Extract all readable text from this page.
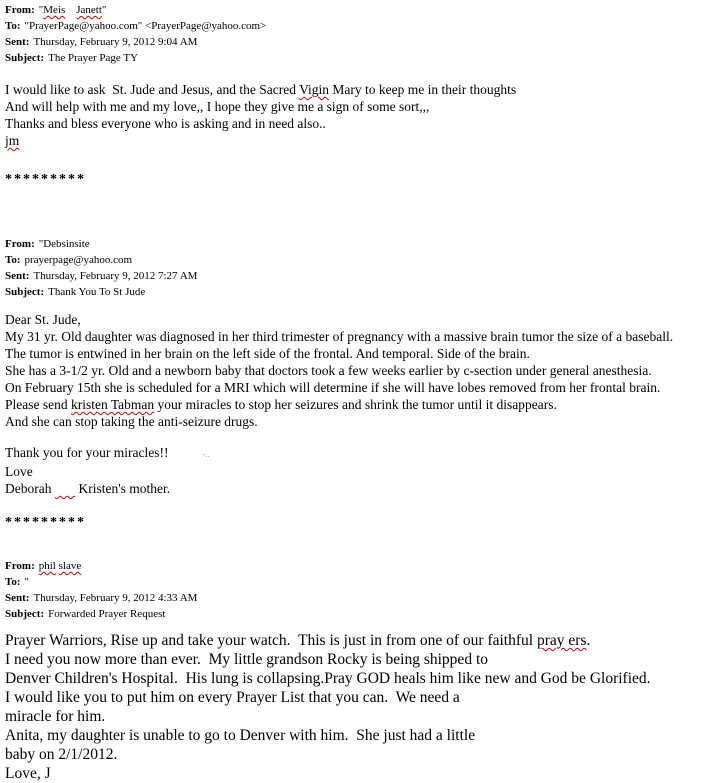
From: "Meis Janett"
To: "PrayerPage@yahoo.com" <PrayerPage@yahoo.com>
Sent: Thursday, February 9, 2012 9:04 AM
Subject: The Prayer Page TY
I would like to ask  St. Jude and Jesus, and the Sacred Vigin Mary to keep me in their thoughts
And will help with me and my love,, I hope they give me a sign of some sort,,,
Thanks and bless everyone who is asking and in need also..
jm
*********
From: "Debsinsite
To: prayerpage@yahoo.com
Sent: Thursday, February 9, 2012 7:27 AM
Subject: Thank You To St Jude
Dear St. Jude,
My 31 yr. Old daughter was diagnosed in her third trimester of pregnancy with a massive brain tumor the size of a baseball.
The tumor is entwined in her brain on the left side of the frontal. And temporal. Side of the brain.
She has a 3-1/2 yr. Old and a newborn baby that doctors took a few weeks earlier by c-section under general anesthesia.
On February 15th she is scheduled for a MRI which will determine if she will have lobes removed from her frontal brain.
Please send kristen Tabman your miracles to stop her seizures and shrink the tumor until it disappears.
And she can stop taking the anti-seizure drugs.
Thank you for your miracles!!	-..
Love
Deborah        Kristen's mother.
*********
From: phil slave
To: "
Sent: Thursday, February 9, 2012 4:33 AM
Subject: Forwarded Prayer Request
Prayer Warriors, Rise up and take your watch.  This is just in from one of our faithful pray ers.
I need you now more than ever.  My little grandson Rocky is being shipped to
Denver Children's Hospital.  His lung is collapsing.Pray GOD heals him like new and God be Glorified.
I would like you to put him on every Prayer List that you can.  We need a
miracle for him.
Anita, my daughter is unable to go to Denver with him.  She just had a little
baby on 2/1/2012.
Love, J
